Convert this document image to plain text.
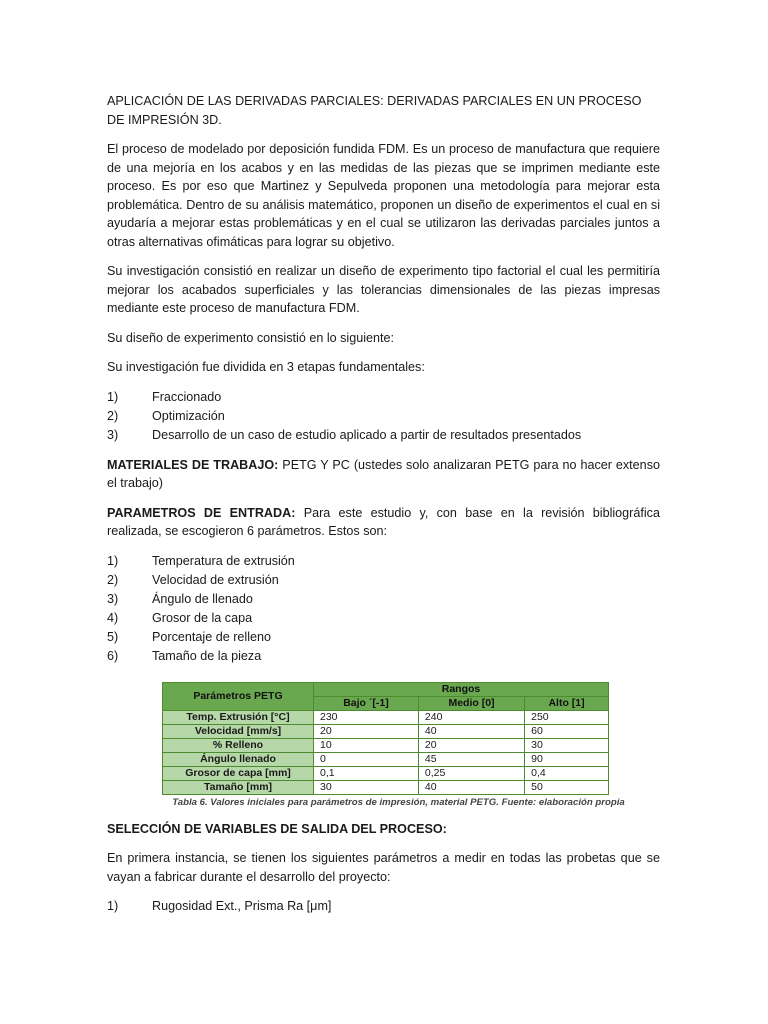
APLICACIÓN DE LAS DERIVADAS PARCIALES: DERIVADAS PARCIALES EN UN PROCESO DE IMPRESIÓN 3D.

El proceso de modelado por deposición fundida FDM. Es un proceso de manufactura que requiere de una mejoría en los acabos y en las medidas de las piezas que se imprimen mediante este proceso. Es por eso que Martinez y Sepulveda proponen una metodología para mejorar esta problemática. Dentro de su análisis matemático, proponen un diseño de experimentos el cual en si ayudaría a mejorar estas problemáticas y en el cual se utilizaron las derivadas parciales juntos a otras alternativas ofimáticas para lograr su objetivo.

Su investigación consistió en realizar un diseño de experimento tipo factorial el cual les permitiría mejorar los acabados superficiales y las tolerancias dimensionales de las piezas impresas mediante este proceso de manufactura FDM.

Su diseño de experimento consistió en lo siguiente:

Su investigación fue dividida en 3 etapas fundamentales:

1)	Fraccionado
2)	Optimización
3)	Desarrollo de un caso de estudio aplicado a partir de resultados presentados

MATERIALES DE TRABAJO: PETG Y PC (ustedes solo analizaran PETG para no hacer extenso el trabajo)

PARAMETROS DE ENTRADA: Para este estudio y, con base en la revisión bibliográfica realizada, se escogieron 6 parámetros. Estos son:

1)	Temperatura de extrusión
2)	Velocidad de extrusión
3)	Ángulo de llenado
4)	Grosor de la capa
5)	Porcentaje de relleno
6)	Tamaño de la pieza
Parámetros PETG	Rangos		
	Bajo ´[-1]	Medio [0]	Alto [1]
Temp. Extrusión [°C]	230	240	250
Velocidad [mm/s]	20	40	60
% Relleno	10	20	30
Ángulo llenado	0	45	90
Grosor de capa [mm]	0,1	0,25	0,4
Tamaño [mm]	30	40	50
Tabla 6. Valores iniciales para parámetros de impresión, material PETG. Fuente: elaboración propia

SELECCIÓN DE VARIABLES DE SALIDA DEL PROCESO:

En primera instancia, se tienen los siguientes parámetros a medir en todas las probetas que se vayan a fabricar durante el desarrollo del proyecto:

1)	Rugosidad Ext., Prisma Ra [μm]
